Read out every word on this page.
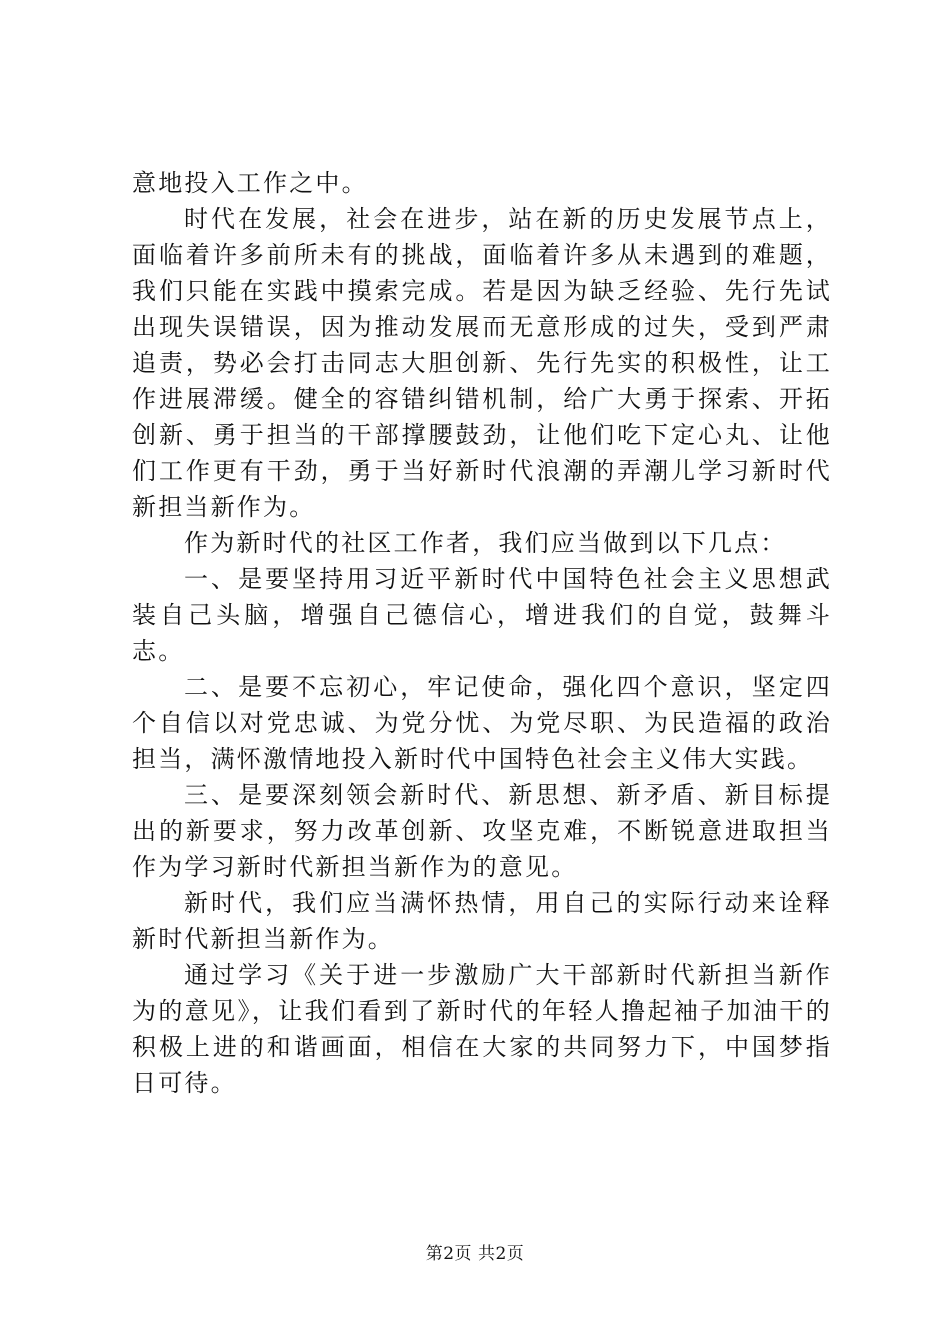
意地投入工作之中。

时代在发展，社会在进步，站在新的历史发展节点上，面临着许多前所未有的挑战，面临着许多从未遇到的难题，我们只能在实践中摸索完成。若是因为缺乏经验、先行先试出现失误错误，因为推动发展而无意形成的过失，受到严肃追责，势必会打击同志大胆创新、先行先实的积极性，让工作进展滞缓。健全的容错纠错机制，给广大勇于探索、开拓创新、勇于担当的干部撑腰鼓劲，让他们吃下定心丸、让他们工作更有干劲，勇于当好新时代浪潮的弄潮儿学习新时代新担当新作为。

作为新时代的社区工作者，我们应当做到以下几点：

一、是要坚持用习近平新时代中国特色社会主义思想武装自己头脑，增强自己德信心，增进我们的自觉，鼓舞斗志。

二、是要不忘初心，牢记使命，强化四个意识，坚定四个自信以对党忠诚、为党分忧、为党尽职、为民造福的政治担当，满怀激情地投入新时代中国特色社会主义伟大实践。

三、是要深刻领会新时代、新思想、新矛盾、新目标提出的新要求，努力改革创新、攻坚克难，不断锐意进取担当作为学习新时代新担当新作为的意见。

新时代，我们应当满怀热情，用自己的实际行动来诠释新时代新担当新作为。

通过学习《关于进一步激励广大干部新时代新担当新作为的意见》，让我们看到了新时代的年轻人撸起袖子加油干的积极上进的和谐画面，相信在大家的共同努力下，中国梦指日可待。

第2页 共2页
